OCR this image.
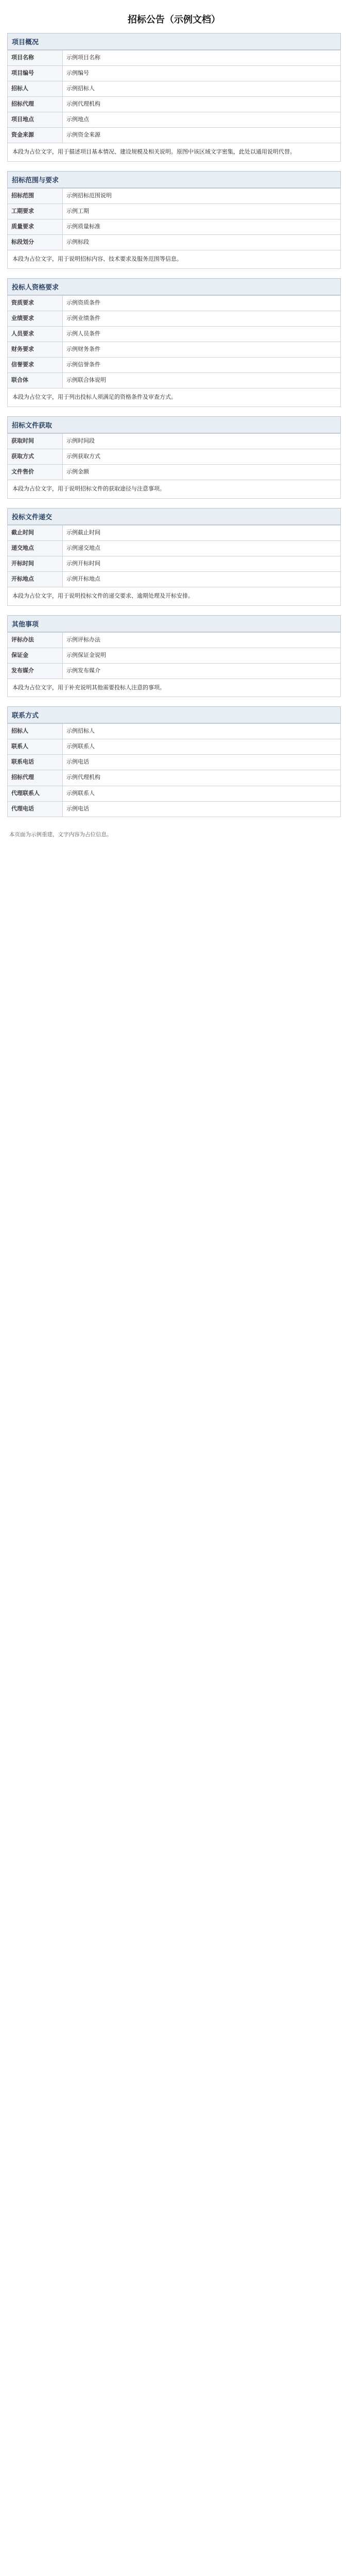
招标公告（示例文档）
项目概况
项目名称	示例项目名称
项目编号	示例编号
招标人	示例招标人
招标代理	示例代理机构
项目地点	示例地点
资金来源	示例资金来源

本段为占位文字，用于描述项目基本情况、建设规模及相关说明。原图中该区域文字密集，此处以通用说明代替。

招标范围与要求
招标范围	示例招标范围说明
工期要求	示例工期
质量要求	示例质量标准
标段划分	示例标段

本段为占位文字，用于说明招标内容、技术要求及服务范围等信息。

投标人资格要求
资质要求	示例资质条件
业绩要求	示例业绩条件
人员要求	示例人员条件
财务要求	示例财务条件
信誉要求	示例信誉条件
联合体	示例联合体说明

本段为占位文字，用于列出投标人须满足的资格条件及审查方式。

招标文件获取
获取时间	示例时间段
获取方式	示例获取方式
文件售价	示例金额

本段为占位文字，用于说明招标文件的获取途径与注意事项。

投标文件递交
截止时间	示例截止时间
递交地点	示例递交地点
开标时间	示例开标时间
开标地点	示例开标地点

本段为占位文字，用于说明投标文件的递交要求、逾期处理及开标安排。

其他事项
评标办法	示例评标办法
保证金	示例保证金说明
发布媒介	示例发布媒介

本段为占位文字，用于补充说明其他需要投标人注意的事项。

联系方式
招标人	示例招标人
联系人	示例联系人
联系电话	示例电话
招标代理	示例代理机构
代理联系人	示例联系人
代理电话	示例电话
本页面为示例重建，文字内容为占位信息。
